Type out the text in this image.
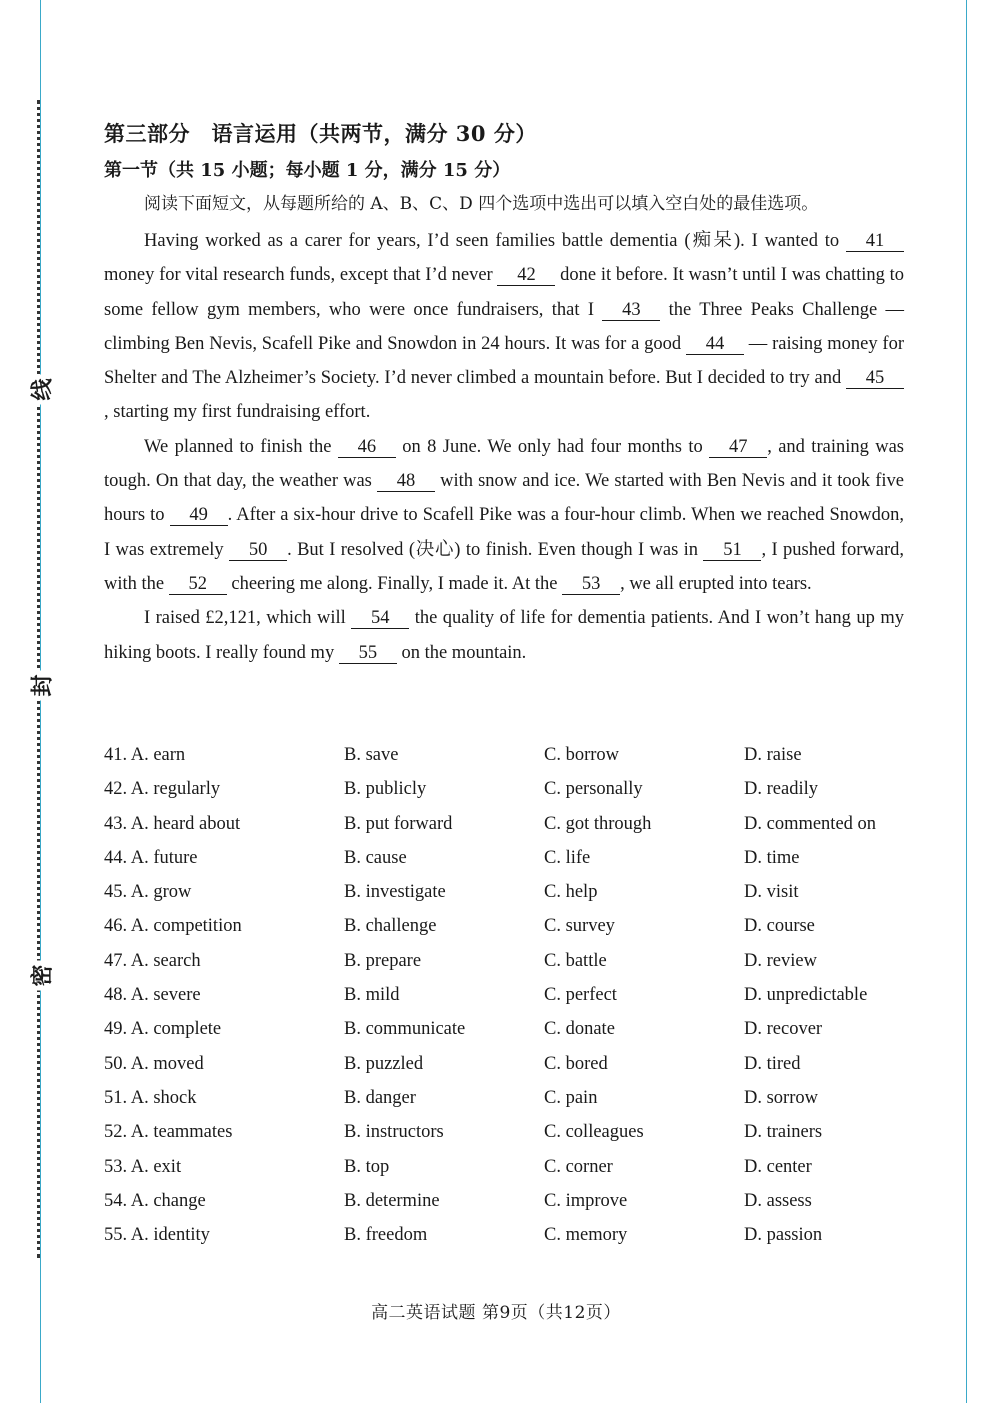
线
封
密
第三部分　语言运用（共两节，满分 30 分）
第一节（共 15 小题；每小题 1 分，满分 15 分）
阅读下面短文，从每题所给的 A、B、C、D 四个选项中选出可以填入空白处的最佳选项。

Having worked as a carer for years, I’d seen families battle dementia (痴呆). I wanted to 41 money for vital research funds, except that I’d never 42 done it before. It wasn’t until I was chatting to some fellow gym members, who were once fundraisers, that I 43 the Three Peaks Challenge — climbing Ben Nevis, Scafell Pike and Snowdon in 24 hours. It was for a good 44 — raising money for Shelter and The Alzheimer’s Society. I’d never climbed a mountain before. But I decided to try and 45, starting my first fundraising effort.

We planned to finish the 46 on 8 June. We only had four months to 47 , and training was tough. On that day, the weather was 48 with snow and ice. We started with Ben Nevis and it took five hours to 49 . After a six-hour drive to Scafell Pike was a four-hour climb. When we reached Snowdon, I was extremely 50 . But I resolved (决心) to finish. Even though I was in 51 , I pushed forward, with the 52 cheering me along. Finally, I made it. At the 53 , we all erupted into tears.

I raised £2,121, which will 54 the quality of life for dementia patients. And I won’t hang up my hiking boots. I really found my 55 on the mountain.

41. A. earn	B. save	C. borrow	D. raise
42. A. regularly	B. publicly	C. personally	D. readily
43. A. heard about	B. put forward	C. got through	D. commented on
44. A. future	B. cause	C. life	D. time
45. A. grow	B. investigate	C. help	D. visit
46. A. competition	B. challenge	C. survey	D. course
47. A. search	B. prepare	C. battle	D. review
48. A. severe	B. mild	C. perfect	D. unpredictable
49. A. complete	B. communicate	C. donate	D. recover
50. A. moved	B. puzzled	C. bored	D. tired
51. A. shock	B. danger	C. pain	D. sorrow
52. A. teammates	B. instructors	C. colleagues	D. trainers
53. A. exit	B. top	C. corner	D. center
54. A. change	B. determine	C. improve	D. assess
55. A. identity	B. freedom	C. memory	D. passion
高二英语试题 第9页（共12页）
